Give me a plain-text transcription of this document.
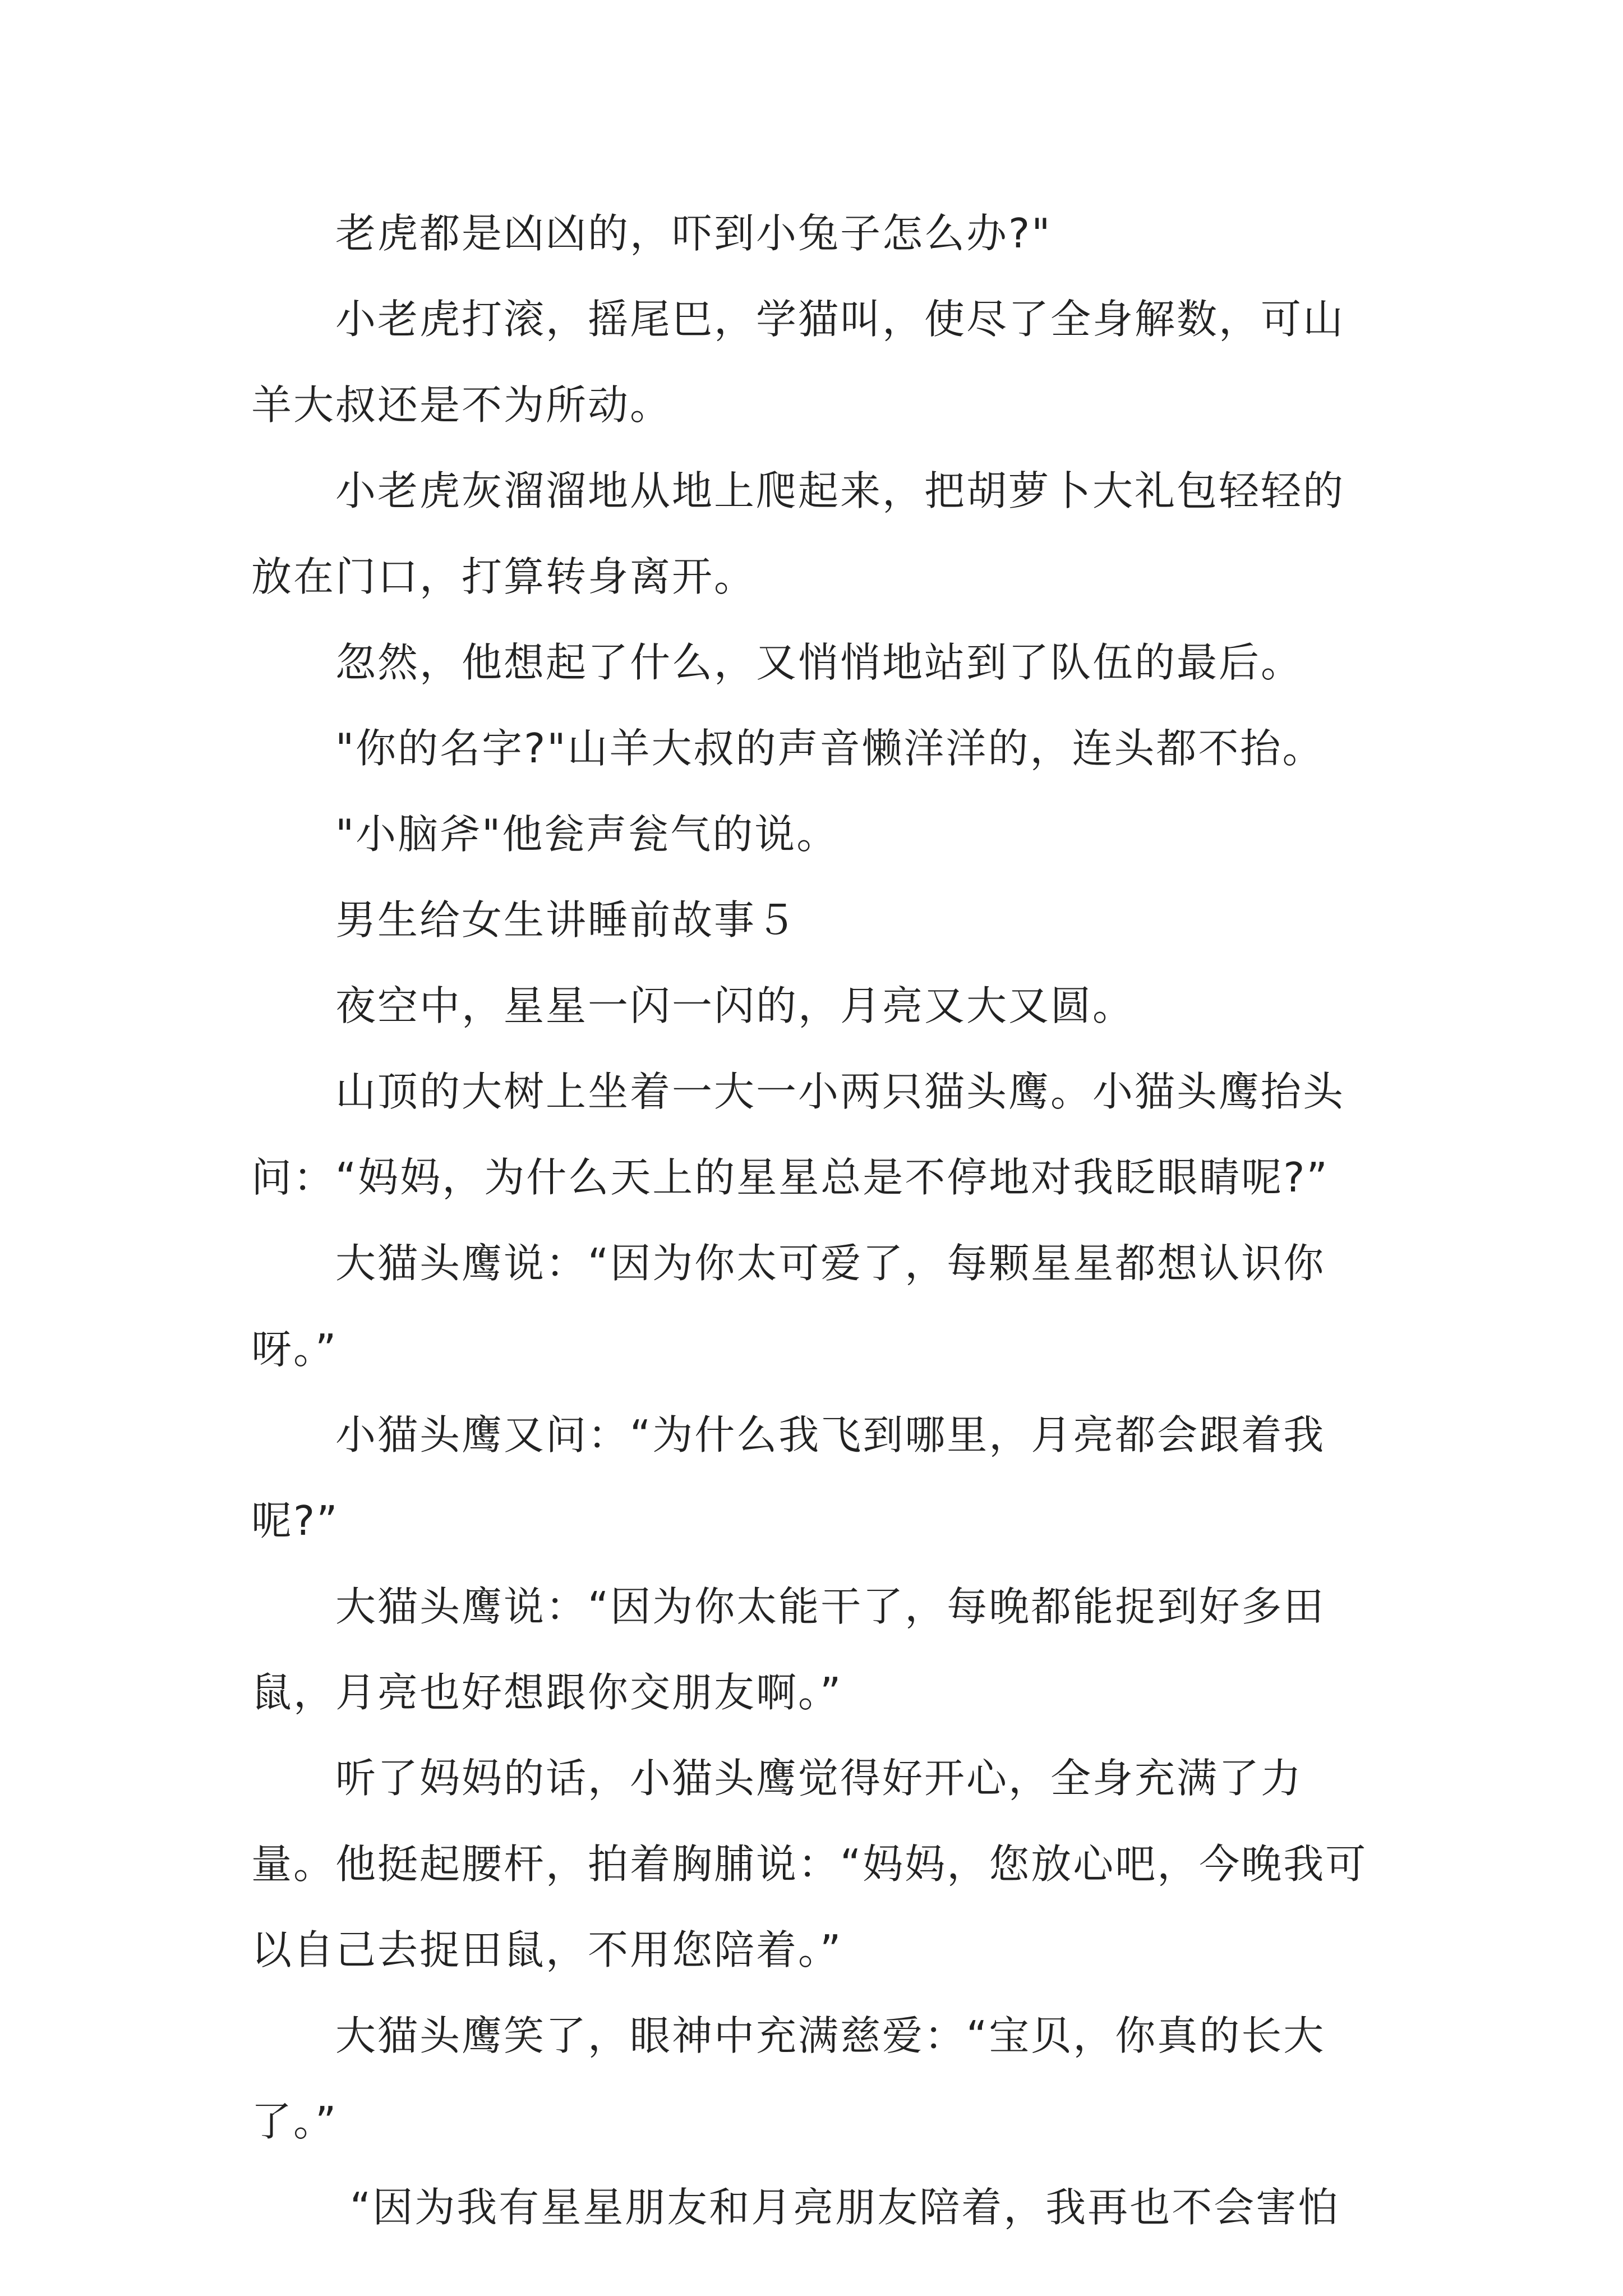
老虎都是凶凶的，吓到小兔子怎么办?"

小老虎打滚，摇尾巴，学猫叫，使尽了全身解数，可山羊大叔还是不为所动。

小老虎灰溜溜地从地上爬起来，把胡萝卜大礼包轻轻的放在门口，打算转身离开。

忽然，他想起了什么，又悄悄地站到了队伍的最后。

"你的名字?"山羊大叔的声音懒洋洋的，连头都不抬。

"小脑斧"他瓮声瓮气的说。

男生给女生讲睡前故事５

夜空中，星星一闪一闪的，月亮又大又圆。

山顶的大树上坐着一大一小两只猫头鹰。小猫头鹰抬头问：“妈妈，为什么天上的星星总是不停地对我眨眼睛呢?”

大猫头鹰说：“因为你太可爱了，每颗星星都想认识你呀。”

小猫头鹰又问：“为什么我飞到哪里，月亮都会跟着我呢?”

大猫头鹰说：“因为你太能干了，每晚都能捉到好多田鼠，月亮也好想跟你交朋友啊。”

听了妈妈的话，小猫头鹰觉得好开心，全身充满了力量。他挺起腰杆，拍着胸脯说：“妈妈，您放心吧，今晚我可以自己去捉田鼠，不用您陪着。”

大猫头鹰笑了，眼神中充满慈爱：“宝贝，你真的长大了。”

“因为我有星星朋友和月亮朋友陪着，我再也不会害怕
